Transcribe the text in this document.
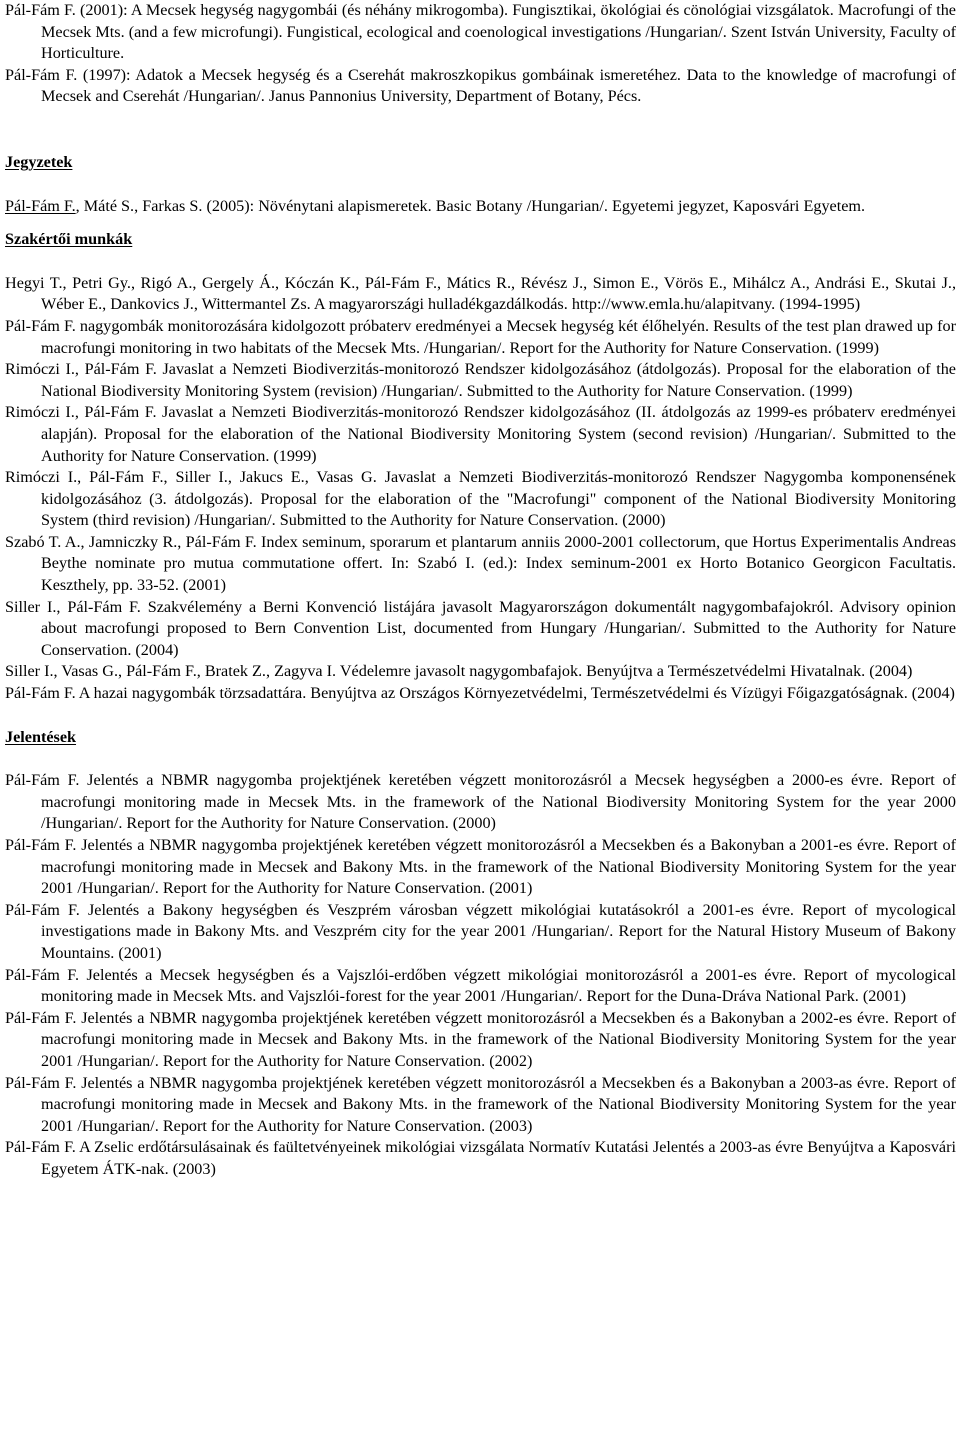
Pál-Fám F. (2001): A Mecsek hegység nagygombái (és néhány mikrogomba). Fungisztikai, ökológiai és cönológiai vizsgálatok. Macrofungi of the Mecsek Mts. (and a few microfungi). Fungistical, ecological and coenological investigations /Hungarian/. Szent István University, Faculty of Horticulture.

Pál-Fám F. (1997): Adatok a Mecsek hegység és a Cserehát makroszkopikus gombáinak ismeretéhez. Data to the knowledge of macrofungi of Mecsek and Cserehát /Hungarian/. Janus Pannonius University, Department of Botany, Pécs.

Jegyzetek

Pál-Fám F., Máté S., Farkas S. (2005): Növénytani alapismeretek. Basic Botany /Hungarian/. Egyetemi jegyzet, Kaposvári Egyetem.

Szakértői munkák

Hegyi T., Petri Gy., Rigó A., Gergely Á., Kóczán K., Pál-Fám F., Mátics R., Révész J., Simon E., Vörös E., Mihálcz A., Andrási E., Skutai J., Wéber E., Dankovics J., Wittermantel Zs. A magyarországi hulladékgazdálkodás. http://www.emla.hu/alapitvany. (1994-1995)

Pál-Fám F. nagygombák monitorozására kidolgozott próbaterv eredményei a Mecsek hegység két élőhelyén. Results of the test plan drawed up for macrofungi monitoring in two habitats of the Mecsek Mts. /Hungarian/. Report for the Authority for Nature Conservation. (1999)

Rimóczi I., Pál-Fám F. Javaslat a Nemzeti Biodiverzitás-monitorozó Rendszer kidolgozásához (átdolgozás). Proposal for the elaboration of the National Biodiversity Monitoring System (revision) /Hungarian/. Submitted to the Authority for Nature Conservation. (1999)

Rimóczi I., Pál-Fám F. Javaslat a Nemzeti Biodiverzitás-monitorozó Rendszer kidolgozásához (II. átdolgozás az 1999-es próbaterv eredményei alapján). Proposal for the elaboration of the National Biodiversity Monitoring System (second revision) /Hungarian/. Submitted to the Authority for Nature Conservation. (1999)

Rimóczi I., Pál-Fám F., Siller I., Jakucs E., Vasas G. Javaslat a Nemzeti Biodiverzitás-monitorozó Rendszer Nagygomba komponensének kidolgozásához (3. átdolgozás). Proposal for the elaboration of the "Macrofungi" component of the National Biodiversity Monitoring System (third revision) /Hungarian/. Submitted to the Authority for Nature Conservation. (2000)

Szabó T. A., Jamniczky R., Pál-Fám F. Index seminum, sporarum et plantarum anniis 2000-2001 collectorum, que Hortus Experimentalis Andreas Beythe nominate pro mutua commutatione offert. In: Szabó I. (ed.): Index seminum-2001 ex Horto Botanico Georgicon Facultatis. Keszthely, pp. 33-52. (2001)

Siller I., Pál-Fám F. Szakvélemény a Berni Konvenció listájára javasolt Magyarországon dokumentált nagygombafajokról. Advisory opinion about macrofungi proposed to Bern Convention List, documented from Hungary /Hungarian/. Submitted to the Authority for Nature Conservation. (2004)

Siller I., Vasas G., Pál-Fám F., Bratek Z., Zagyva I. Védelemre javasolt nagygombafajok. Benyújtva a Természetvédelmi Hivatalnak. (2004)

Pál-Fám F. A hazai nagygombák törzsadattára. Benyújtva az Országos Környezetvédelmi, Természetvédelmi és Vízügyi Főigazgatóságnak. (2004)

Jelentések

Pál-Fám F. Jelentés a NBMR nagygomba projektjének keretében végzett monitorozásról a Mecsek hegységben a 2000-es évre. Report of macrofungi monitoring made in Mecsek Mts. in the framework of the National Biodiversity Monitoring System for the year 2000 /Hungarian/. Report for the Authority for Nature Conservation. (2000)

Pál-Fám F. Jelentés a NBMR nagygomba projektjének keretében végzett monitorozásról a Mecsekben és a Bakonyban a 2001-es évre. Report of macrofungi monitoring made in Mecsek and Bakony Mts. in the framework of the National Biodiversity Monitoring System for the year 2001 /Hungarian/. Report for the Authority for Nature Conservation. (2001)

Pál-Fám F. Jelentés a Bakony hegységben és Veszprém városban végzett mikológiai kutatásokról a 2001-es évre. Report of mycological investigations made in Bakony Mts. and Veszprém city for the year 2001 /Hungarian/. Report for the Natural History Museum of Bakony Mountains. (2001)

Pál-Fám F. Jelentés a Mecsek hegységben és a Vajszlói-erdőben végzett mikológiai monitorozásról a 2001-es évre. Report of mycological monitoring made in Mecsek Mts. and Vajszlói-forest for the year 2001 /Hungarian/. Report for the Duna-Dráva National Park. (2001)

Pál-Fám F. Jelentés a NBMR nagygomba projektjének keretében végzett monitorozásról a Mecsekben és a Bakonyban a 2002-es évre. Report of macrofungi monitoring made in Mecsek and Bakony Mts. in the framework of the National Biodiversity Monitoring System for the year 2001 /Hungarian/. Report for the Authority for Nature Conservation. (2002)

Pál-Fám F. Jelentés a NBMR nagygomba projektjének keretében végzett monitorozásról a Mecsekben és a Bakonyban a 2003-as évre. Report of macrofungi monitoring made in Mecsek and Bakony Mts. in the framework of the National Biodiversity Monitoring System for the year 2001 /Hungarian/. Report for the Authority for Nature Conservation. (2003)

Pál-Fám F. A Zselic erdőtársulásainak és faültetvényeinek mikológiai vizsgálata Normatív Kutatási Jelentés a 2003-as évre Benyújtva a Kaposvári Egyetem ÁTK-nak. (2003)
